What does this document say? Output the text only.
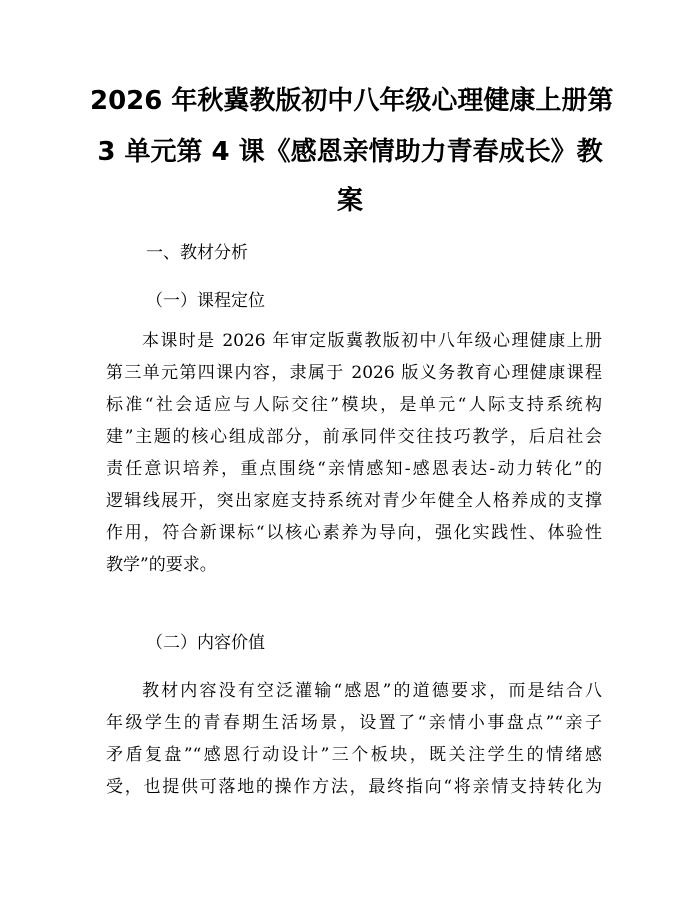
2026 年秋冀教版初中八年级心理健康上册第
3 单元第 4 课《感恩亲情助力青春成长》教
案
一、教材分析
（一）课程定位
本课时是 2026 年审定版冀教版初中八年级心理健康上册
第三单元第四课内容，隶属于 2026 版义务教育心理健康课程
标准“社会适应与人际交往”模块，是单元“人际支持系统构
建”主题的核心组成部分，前承同伴交往技巧教学，后启社会
责任意识培养，重点围绕“亲情感知-感恩表达-动力转化”的
逻辑线展开，突出家庭支持系统对青少年健全人格养成的支撑
作用，符合新课标“以核心素养为导向，强化实践性、体验性
教学”的要求。
（二）内容价值
教材内容没有空泛灌输“感恩”的道德要求，而是结合八
年级学生的青春期生活场景，设置了“亲情小事盘点”“亲子
矛盾复盘”“感恩行动设计”三个板块，既关注学生的情绪感
受，也提供可落地的操作方法，最终指向“将亲情支持转化为
